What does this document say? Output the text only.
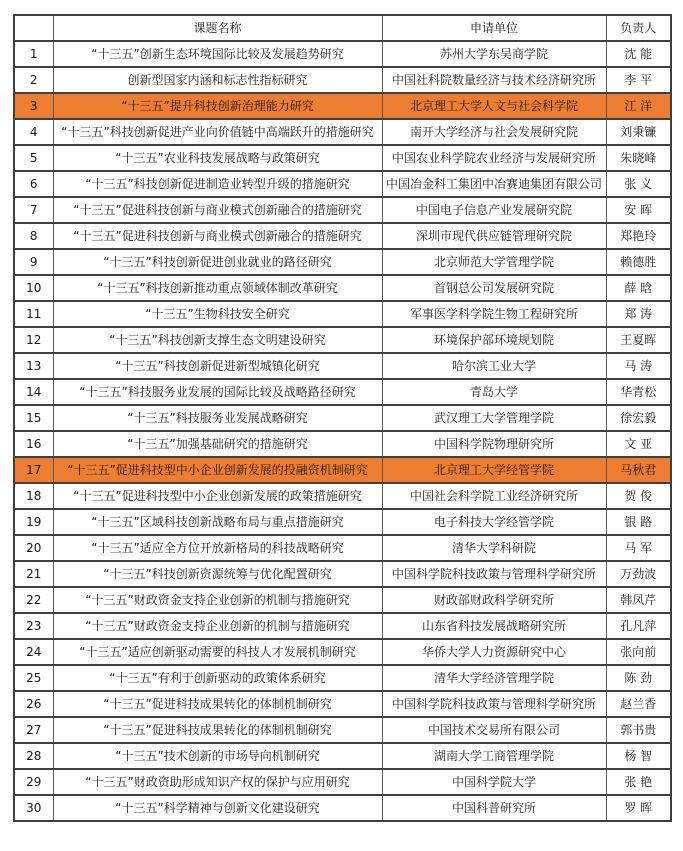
	课题名称	申请单位	负责人
1	“十三五”创新生态环境国际比较及发展趋势研究	苏州大学东吴商学院	沈 能
2	创新型国家内涵和标志性指标研究	中国社科院数量经济与技术经济研究所	李 平
3	“十三五”提升科技创新治理能力研究	北京理工大学人文与社会科学院	江 洋
4	“十三五”科技创新促进产业向价值链中高端跃升的措施研究	南开大学经济与社会发展研究院	刘秉镰
5	“十三五”农业科技发展战略与政策研究	中国农业科学院农业经济与发展研究所	朱晓峰
6	“十三五”科技创新促进制造业转型升级的措施研究	中国冶金科工集团中冶赛迪集团有限公司	张 义
7	“十三五”促进科技创新与商业模式创新融合的措施研究	中国电子信息产业发展研究院	安 晖
8	“十三五”促进科技创新与商业模式创新融合的措施研究	深圳市现代供应链管理研究院	郑艳玲
9	“十三五”科技创新促进创业就业的路径研究	北京师范大学管理学院	赖德胜
10	“十三五”科技创新推动重点领域体制改革研究	首钢总公司发展研究院	薛 晗
11	“十三五”生物科技安全研究	军事医学科学院生物工程研究所	郑 涛
12	“十三五”科技创新支撑生态文明建设研究	环境保护部环境规划院	王夏晖
13	“十三五”科技创新促进新型城镇化研究	哈尔滨工业大学	马 涛
14	“十三五”科技服务业发展的国际比较及战略路径研究	青岛大学	华青松
15	“十三五”科技服务业发展战略研究	武汉理工大学管理学院	徐宏毅
16	“十三五”加强基础研究的措施研究	中国科学院物理研究所	文 亚
17	“十三五”促进科技型中小企业创新发展的投融资机制研究	北京理工大学经管学院	马秋君
18	“十三五”促进科技型中小企业创新发展的政策措施研究	中国社会科学院工业经济研究所	贺 俊
19	“十三五”区域科技创新战略布局与重点措施研究	电子科技大学经管学院	银 路
20	“十三五”适应全方位开放新格局的科技战略研究	清华大学科研院	马 军
21	“十三五”科技创新资源统筹与优化配置研究	中国科学院科技政策与管理科学研究所	万劲波
22	“十三五”财政资金支持企业创新的机制与措施研究	财政部财政科学研究所	韩凤芹
23	“十三五”财政资金支持企业创新的机制与措施研究	山东省科技发展战略研究所	孔凡萍
24	“十三五”适应创新驱动需要的科技人才发展机制研究	华侨大学人力资源研究中心	张向前
25	“十三五”有利于创新驱动的政策体系研究	清华大学经济管理学院	陈 劲
26	“十三五”促进科技成果转化的体制机制研究	中国科学院科技政策与管理科学研究所	赵兰香
27	“十三五”促进科技成果转化的体制机制研究	中国技术交易所有限公司	郭书贵
28	“十三五”技术创新的市场导向机制研究	湖南大学工商管理学院	杨 智
29	“十三五”财政资助形成知识产权的保护与应用研究	中国科学院大学	张 艳
30	“十三五”科学精神与创新文化建设研究	中国科普研究所	罗 晖
